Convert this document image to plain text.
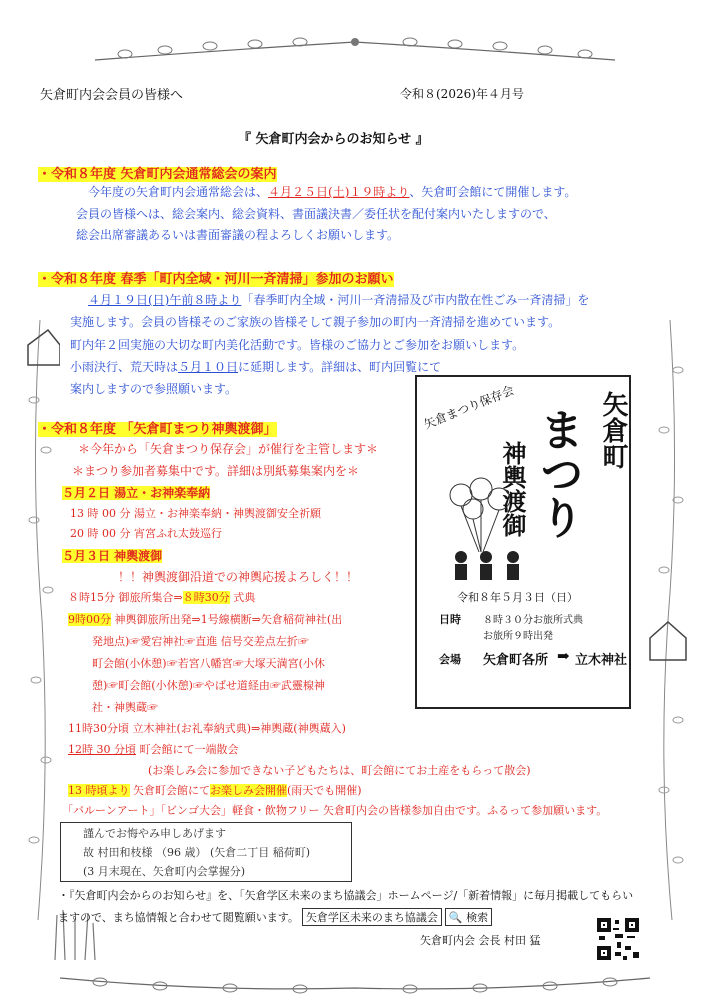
矢倉町内会会員の皆様へ	令和８(2026)年４月号
『 矢倉町内会からのお知らせ 』
・令和８年度 矢倉町内会通常総会の案内
今年度の矢倉町内会通常総会は、４月２５日(土)１９時より、矢倉町会館にて開催します。
会員の皆様へは、総会案内、総会資料、書面議決書／委任状を配付案内いたしますので、
総会出席審議あるいは書面審議の程よろしくお願いします。
・令和８年度 春季「町内全域・河川一斉清掃」参加のお願い
４月１９日(日)午前８時より「春季町内全域・河川一斉清掃及び市内散在性ごみ一斉清掃」を
実施します。会員の皆様そのご家族の皆様そして親子参加の町内一斉清掃を進めています。
町内年２回実施の大切な町内美化活動です。皆様のご協力とご参加をお願いします。
小雨決行、荒天時は５月１０日に延期します。詳細は、町内回覧にて
案内しますので参照願います。
・令和８年度 「矢倉町まつり神輿渡御」
＊今年から「矢倉まつり保存会」が催行を主管します＊
＊まつり参加者募集中です。詳細は別紙募集案内を＊
５月２日 湯立・お神楽奉納
13 時 00 分 湯立・お神楽奉納・神輿渡御安全祈願
20 時 00 分 宵宮ふれ太鼓巡行
５月３日 神輿渡御
！！神輿渡御沿道での神輿応援よろしく！！
８時15分 御旅所集合⇒８時30分 式典
9時00分 神輿御旅所出発⇒1号線横断⇒矢倉稲荷神社(出
発地点)☞愛宕神社☞直進 信号交差点左折☞
町会館(小休憩)☞若宮八幡宮☞大塚天満宮(小休
憩)☞町会館(小休憩)☞やばせ道経由☞武靈楾神
社・神輿蔵☞
11時30分頃 立木神社(お礼奉納式典)⇒神輿蔵(神輿蔵入)
12時 30 分頃 町会館にて一端散会
(お楽しみ会に参加できない子どもたちは、町会館にてお土産をもらって散会)
13 時頃より 矢倉町会館にてお楽しみ会開催(雨天でも開催)
「バルーンアート」「ビンゴ大会」軽食・飲物フリー 矢倉町内会の皆様参加自由です。ふるって参加願います。
矢倉まつり保存会	矢倉町
まつり
神輿渡御
令和８年５月３日（日）
日時 ８時３０分お旅所式典
お旅所９時出発
会場 矢倉町各所 ➡ 立木神社
謹んでお悔やみ申しあげます
故 村田和枝様 （96 歳） (矢倉二丁目 稲荷町)
(3 月末現在、矢倉町内会掌握分)
・『矢倉町内会からのお知らせ』を、「矢倉学区未来のまち協議会」ホームページ/「新着情報」に毎月掲載してもらい
ますので、まち協情報と合わせて閲覧願います。 矢倉学区未来のまち協議会 🔍 検索
矢倉町内会 会長 村田 猛
